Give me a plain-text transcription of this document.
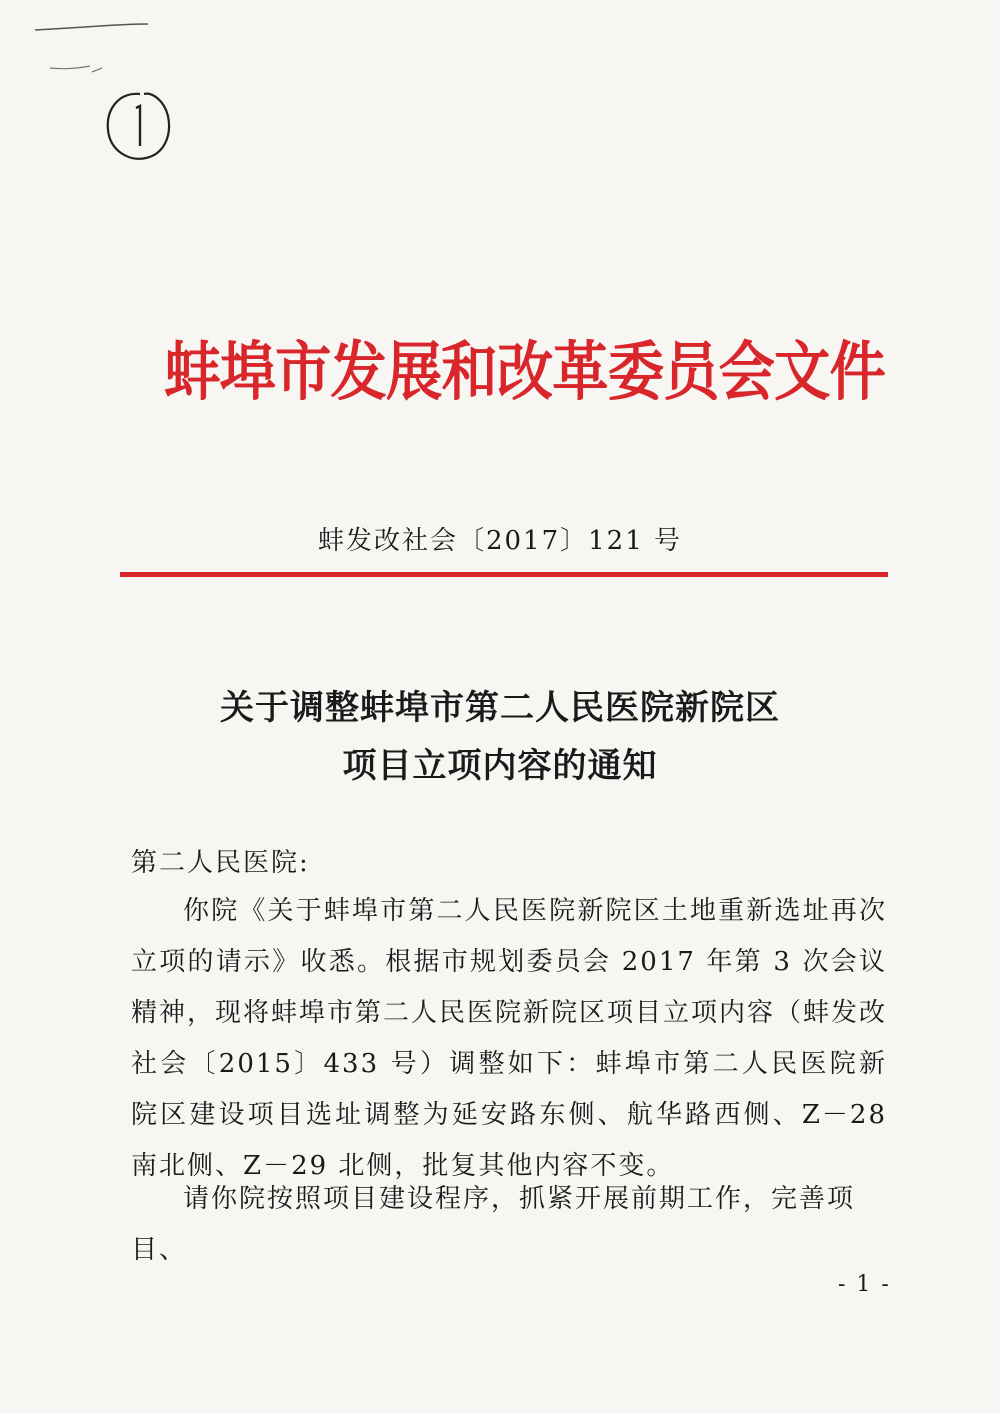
蚌埠市发展和改革委员会文件
蚌发改社会〔2017〕121 号
关于调整蚌埠市第二人民医院新院区
项目立项内容的通知
第二人民医院:
你院《关于蚌埠市第二人民医院新院区土地重新选址再次立项的请示》收悉。根据市规划委员会 2017 年第 3 次会议精神，现将蚌埠市第二人民医院新院区项目立项内容（蚌发改社会〔2015〕433 号）调整如下：蚌埠市第二人民医院新院区建设项目选址调整为延安路东侧、航华路西侧、Z－28 南北侧、Z－29 北侧，批复其他内容不变。
请你院按照项目建设程序，抓紧开展前期工作，完善项目、
- 1 -
